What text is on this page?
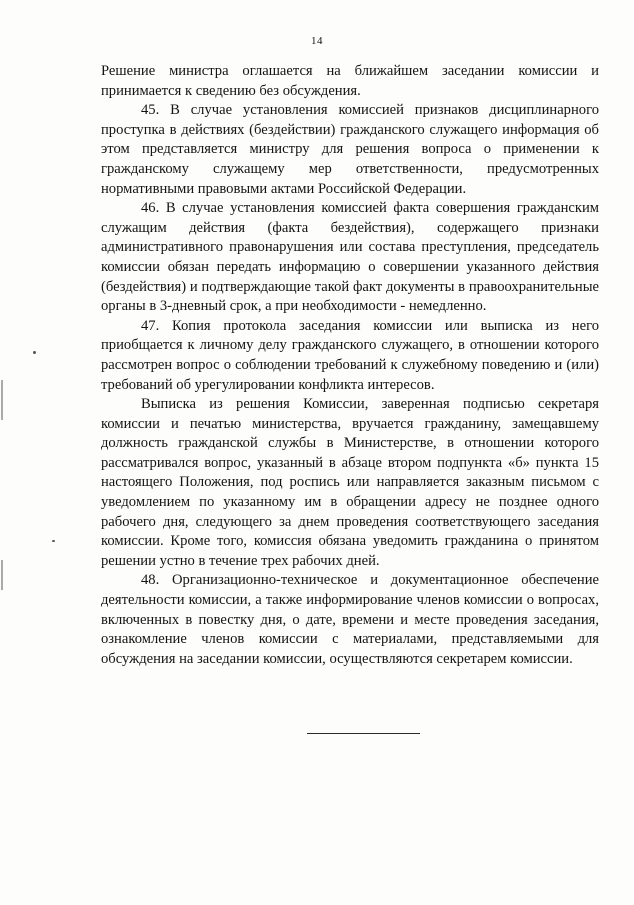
14

Решение министра оглашается на ближайшем заседании комиссии и принимается к сведению без обсуждения.

45. В случае установления комиссией признаков дисциплинарного проступка в действиях (бездействии) гражданского служащего информация об этом представляется министру для решения вопроса о применении к гражданскому служащему мер ответственности, предусмотренных нормативными правовыми актами Российской Федерации.

46. В случае установления комиссией факта совершения гражданским служащим действия (факта бездействия), содержащего признаки административного правонарушения или состава преступления, председатель комиссии обязан передать информацию о совершении указанного действия (бездействия) и подтверждающие такой факт документы в правоохранительные органы в 3-дневный срок, а при необходимости - немедленно.

47. Копия протокола заседания комиссии или выписка из него приобщается к личному делу гражданского служащего, в отношении которого рассмотрен вопрос о соблюдении требований к служебному поведению и (или) требований об урегулировании конфликта интересов.

Выписка из решения Комиссии, заверенная подписью секретаря комиссии и печатью министерства, вручается гражданину, замещавшему должность гражданской службы в Министерстве, в отношении которого рассматривался вопрос, указанный в абзаце втором подпункта «б» пункта 15 настоящего Положения, под роспись или направляется заказным письмом с уведомлением по указанному им в обращении адресу не позднее одного рабочего дня, следующего за днем проведения соответствующего заседания комиссии. Кроме того, комиссия обязана уведомить гражданина о принятом решении устно в течение трех рабочих дней.

48. Организационно-техническое и документационное обеспечение деятельности комиссии, а также информирование членов комиссии о вопросах, включенных в повестку дня, о дате, времени и месте проведения заседания, ознакомление членов комиссии с материалами, представляемыми для обсуждения на заседании комиссии, осуществляются секретарем комиссии.
